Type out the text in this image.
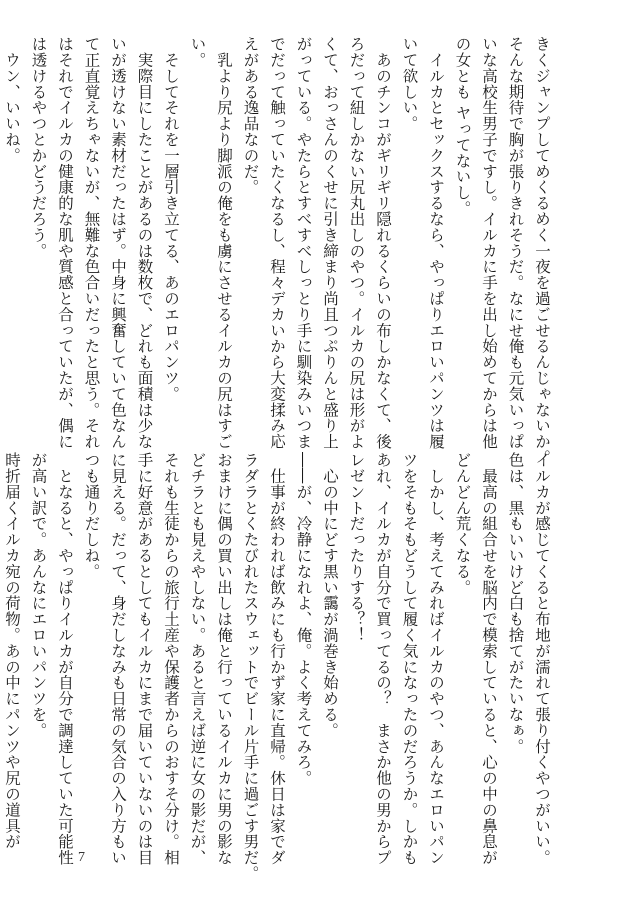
きくジャンプしてめくるめく一夜を過ごせるんじゃないか。
そんな期待で胸が張りきれそうだ。なにせ俺も元気いっぱ
いな高校生男子ですし。イルカに手を出し始めてからは他
の女とも ヤってないし。
　イルカとセックスするなら、やっぱりエロいパンツは履
いて欲しい。
　あのチンコがギリギリ隠れるくらいの布しかなくて、後
ろだって紐しかない尻丸出しのやつ。イルカの尻は形がよ
くて、おっさんのくせに引き締まり尚且つぷりんと盛り上
がっている。やたらとすべすべしっとり手に馴染みいつま
でだって触っていたくなるし、程々デカいから大変揉み応
えがある逸品なのだ。
　乳より尻より脚派の俺をも虜にさせるイルカの尻はすご
い。
　そしてそれを一層引き立てる、あのエロパンツ。
　実際目にしたことがあるのは数枚で、どれも面積は少な
いが透けない素材だったはず。中身に興奮していて色なん
て正直覚えちゃないが、無難な色合いだったと思う。それ
はそれでイルカの健康的な肌や質感と合っていたが、偶に
は透けるやつとかどうだろう。
　ウン、いいね。
イルカが感じてくると布地が濡れて張り付くやつがいい。
色は、黒もいいけど白も捨てがたいなぁ。
　最高の組合せを脳内で模索していると、心の中の鼻息が
どんどん荒くなる。
　しかし、考えてみればイルカのやつ、あんなエロいパン
ツをそもそもどうして履く気になったのだろうか。しかも
あれ、イルカが自分で買ってるの？　まさか他の男からプ
レゼントだったりする？！
　心の中にどす黒い靄が渦巻き始める。
――が、冷静になれよ、俺。よく考えてみろ。
　仕事が終われば飲みにも行かず家に直帰。休日は家でダ
ラダラとくたびれたスウェットでビール片手に過ごす男だ。
おまけに偶の買い出しは俺と行っているイルカに男の影な
どチラとも見えやしない。あると言えば逆に女の影だが、
それも生徒からの旅行土産や保護者からのおすそ分け。相
手に好意があるとしてもイルカにまで届いていないのは目
に見える。だって、身だしなみも日常の気合の入り方もい
つも通りだしね。
　となると、やっぱりイルカが自分で調達していた可能性
が高い訳で。あんなにエロいパンツを。
時折届くイルカ宛の荷物。あの中にパンツや尻の道具が
7
